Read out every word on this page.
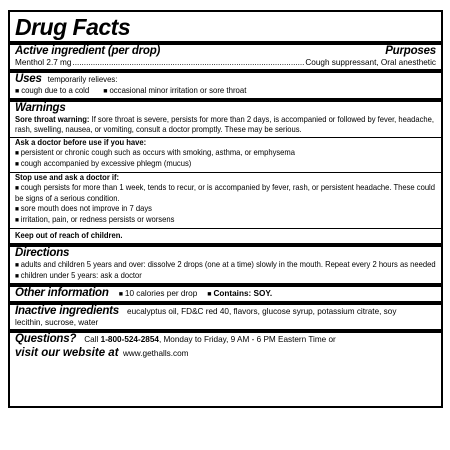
Drug Facts
Active ingredient (per drop)	Purposes
Menthol 2.7 mg .....	Cough suppressant, Oral anesthetic
Uses temporarily relieves:
■ cough due to a cold	■ occasional minor irritation or sore throat
Warnings
Sore throat warning: If sore throat is severe, persists for more than 2 days, is accompanied or followed by fever, headache, rash, swelling, nausea, or vomiting, consult a doctor promptly. These may be serious.
Ask a doctor before use if you have:
■ persistent or chronic cough such as occurs with smoking, asthma, or emphysema
■ cough accompanied by excessive phlegm (mucus)
Stop use and ask a doctor if:
■ cough persists for more than 1 week, tends to recur, or is accompanied by fever, rash, or persistent headache. These could be signs of a serious condition.
■ sore mouth does not improve in 7 days
■ irritation, pain, or redness persists or worsens
Keep out of reach of children.
Directions
■ adults and children 5 years and over: dissolve 2 drops (one at a time) slowly in the mouth. Repeat every 2 hours as needed
■ children under 5 years: ask a doctor
Other information	■ 10 calories per drop	■ Contains: SOY.
Inactive ingredients eucalyptus oil, FD&C red 40, flavors, glucose syrup, potassium citrate, soy
lecithin, sucrose, water
Questions? Call 1-800-524-2854, Monday to Friday, 9 AM - 6 PM Eastern Time or
visit our website at www.gethalls.com
